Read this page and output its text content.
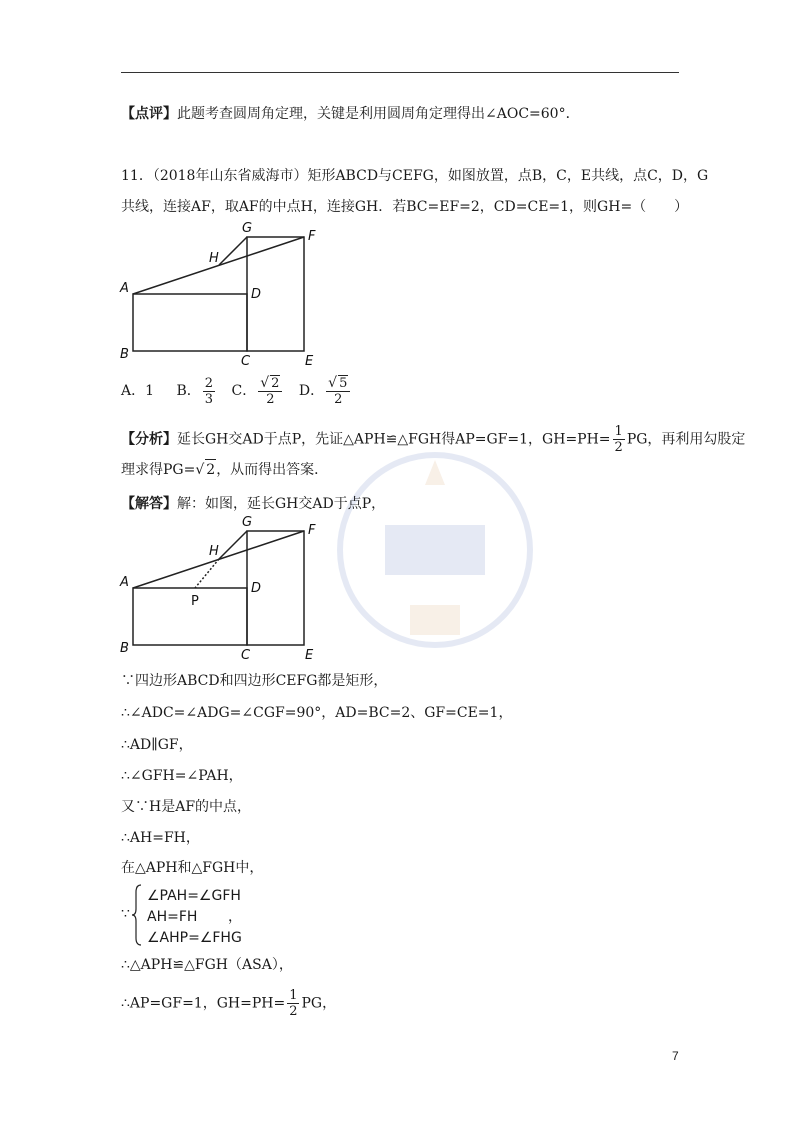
【点评】此题考查圆周角定理，关键是利用圆周角定理得出∠AOC=60°．
11．（2018年山东省威海市）矩形ABCD与CEFG，如图放置，点B，C，E共线，点C，D，G
共线，连接AF，取AF的中点H，连接GH．若BC=EF=2，CD=CE=1，则GH=（　　）
G
F
H
A	D
B	C	E
A．1 B． $\frac{2}{3}$ C． $\frac{√ 2}{2}$ D． $\frac{√ 5}{2}$
【分析】延长GH交AD于点P，先证△APH≌△FGH得AP=GF=1，$GH=PH= \frac{1}{2}$ PG，再利用勾股定
理求得PG=√ 2，从而得出答案．
【解答】解：如图，延长GH交AD于点P，
G
F
H
A	D
P
B	C	E
∵四边形ABCD和四边形CEFG都是矩形，
∴∠ADC=∠ADG=∠CGF=90°，AD=BC=2、GF=CE=1，
∴AD∥GF，
∴∠GFH=∠PAH，
又∵H是AF的中点，
∴AH=FH，
在△APH和△FGH中，
∵
∠PAH=∠GFH
AH=FH
∠AHP=∠FHG
，
∴△APH≌△FGH（ASA），
∴AP=GF=1，$GH=PH= \frac{1}{2}$ PG，
7
